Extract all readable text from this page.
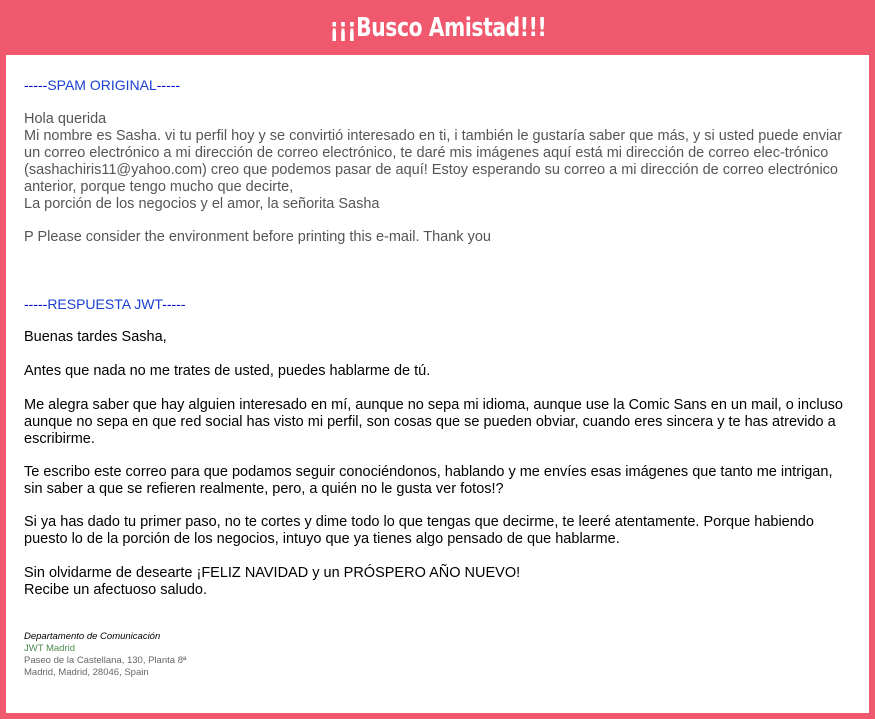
¡¡¡Busco Amistad!!!
-----SPAM ORIGINAL-----

Hola querida

Mi nombre es Sasha. vi tu perfil hoy y se convirtió interesado en ti, i también le gustaría saber que más, y si usted puede enviar un correo electrónico a mi dirección de correo electrónico, te daré mis imágenes aquí está mi dirección de correo elec-trónico (sashachiris11@yahoo.com) creo que podemos pasar de aquí! Estoy esperando su correo a mi dirección de correo electrónico anterior, porque tengo mucho que decirte,

La porción de los negocios y el amor, la señorita Sasha

P Please consider the environment before printing this e-mail. Thank you

-----RESPUESTA JWT-----

Buenas tardes Sasha,

Antes que nada no me trates de usted, puedes hablarme de tú.

Me alegra saber que hay alguien interesado en mí, aunque no sepa mi idioma, aunque use la Comic Sans en un mail, o incluso aunque no sepa en que red social has visto mi perfil, son cosas que se pueden obviar, cuando eres sincera y te has atrevido a escribirme.

Te escribo este correo para que podamos seguir conociéndonos, hablando y me envíes esas imágenes que tanto me intrigan, sin saber a que se refieren realmente, pero, a quién no le gusta ver fotos!?

Si ya has dado tu primer paso, no te cortes y dime todo lo que tengas que decirme, te leeré atentamente. Porque habiendo puesto lo de la porción de los negocios, intuyo que ya tienes algo pensado de que hablarme.

Sin olvidarme de desearte ¡FELIZ NAVIDAD y un PRÓSPERO AÑO NUEVO!

Recibe un afectuoso saludo.

Departamento de Comunicación
JWT Madrid
Paseo de la Castellana, 130, Planta 8ª
Madrid, Madrid, 28046, Spain
